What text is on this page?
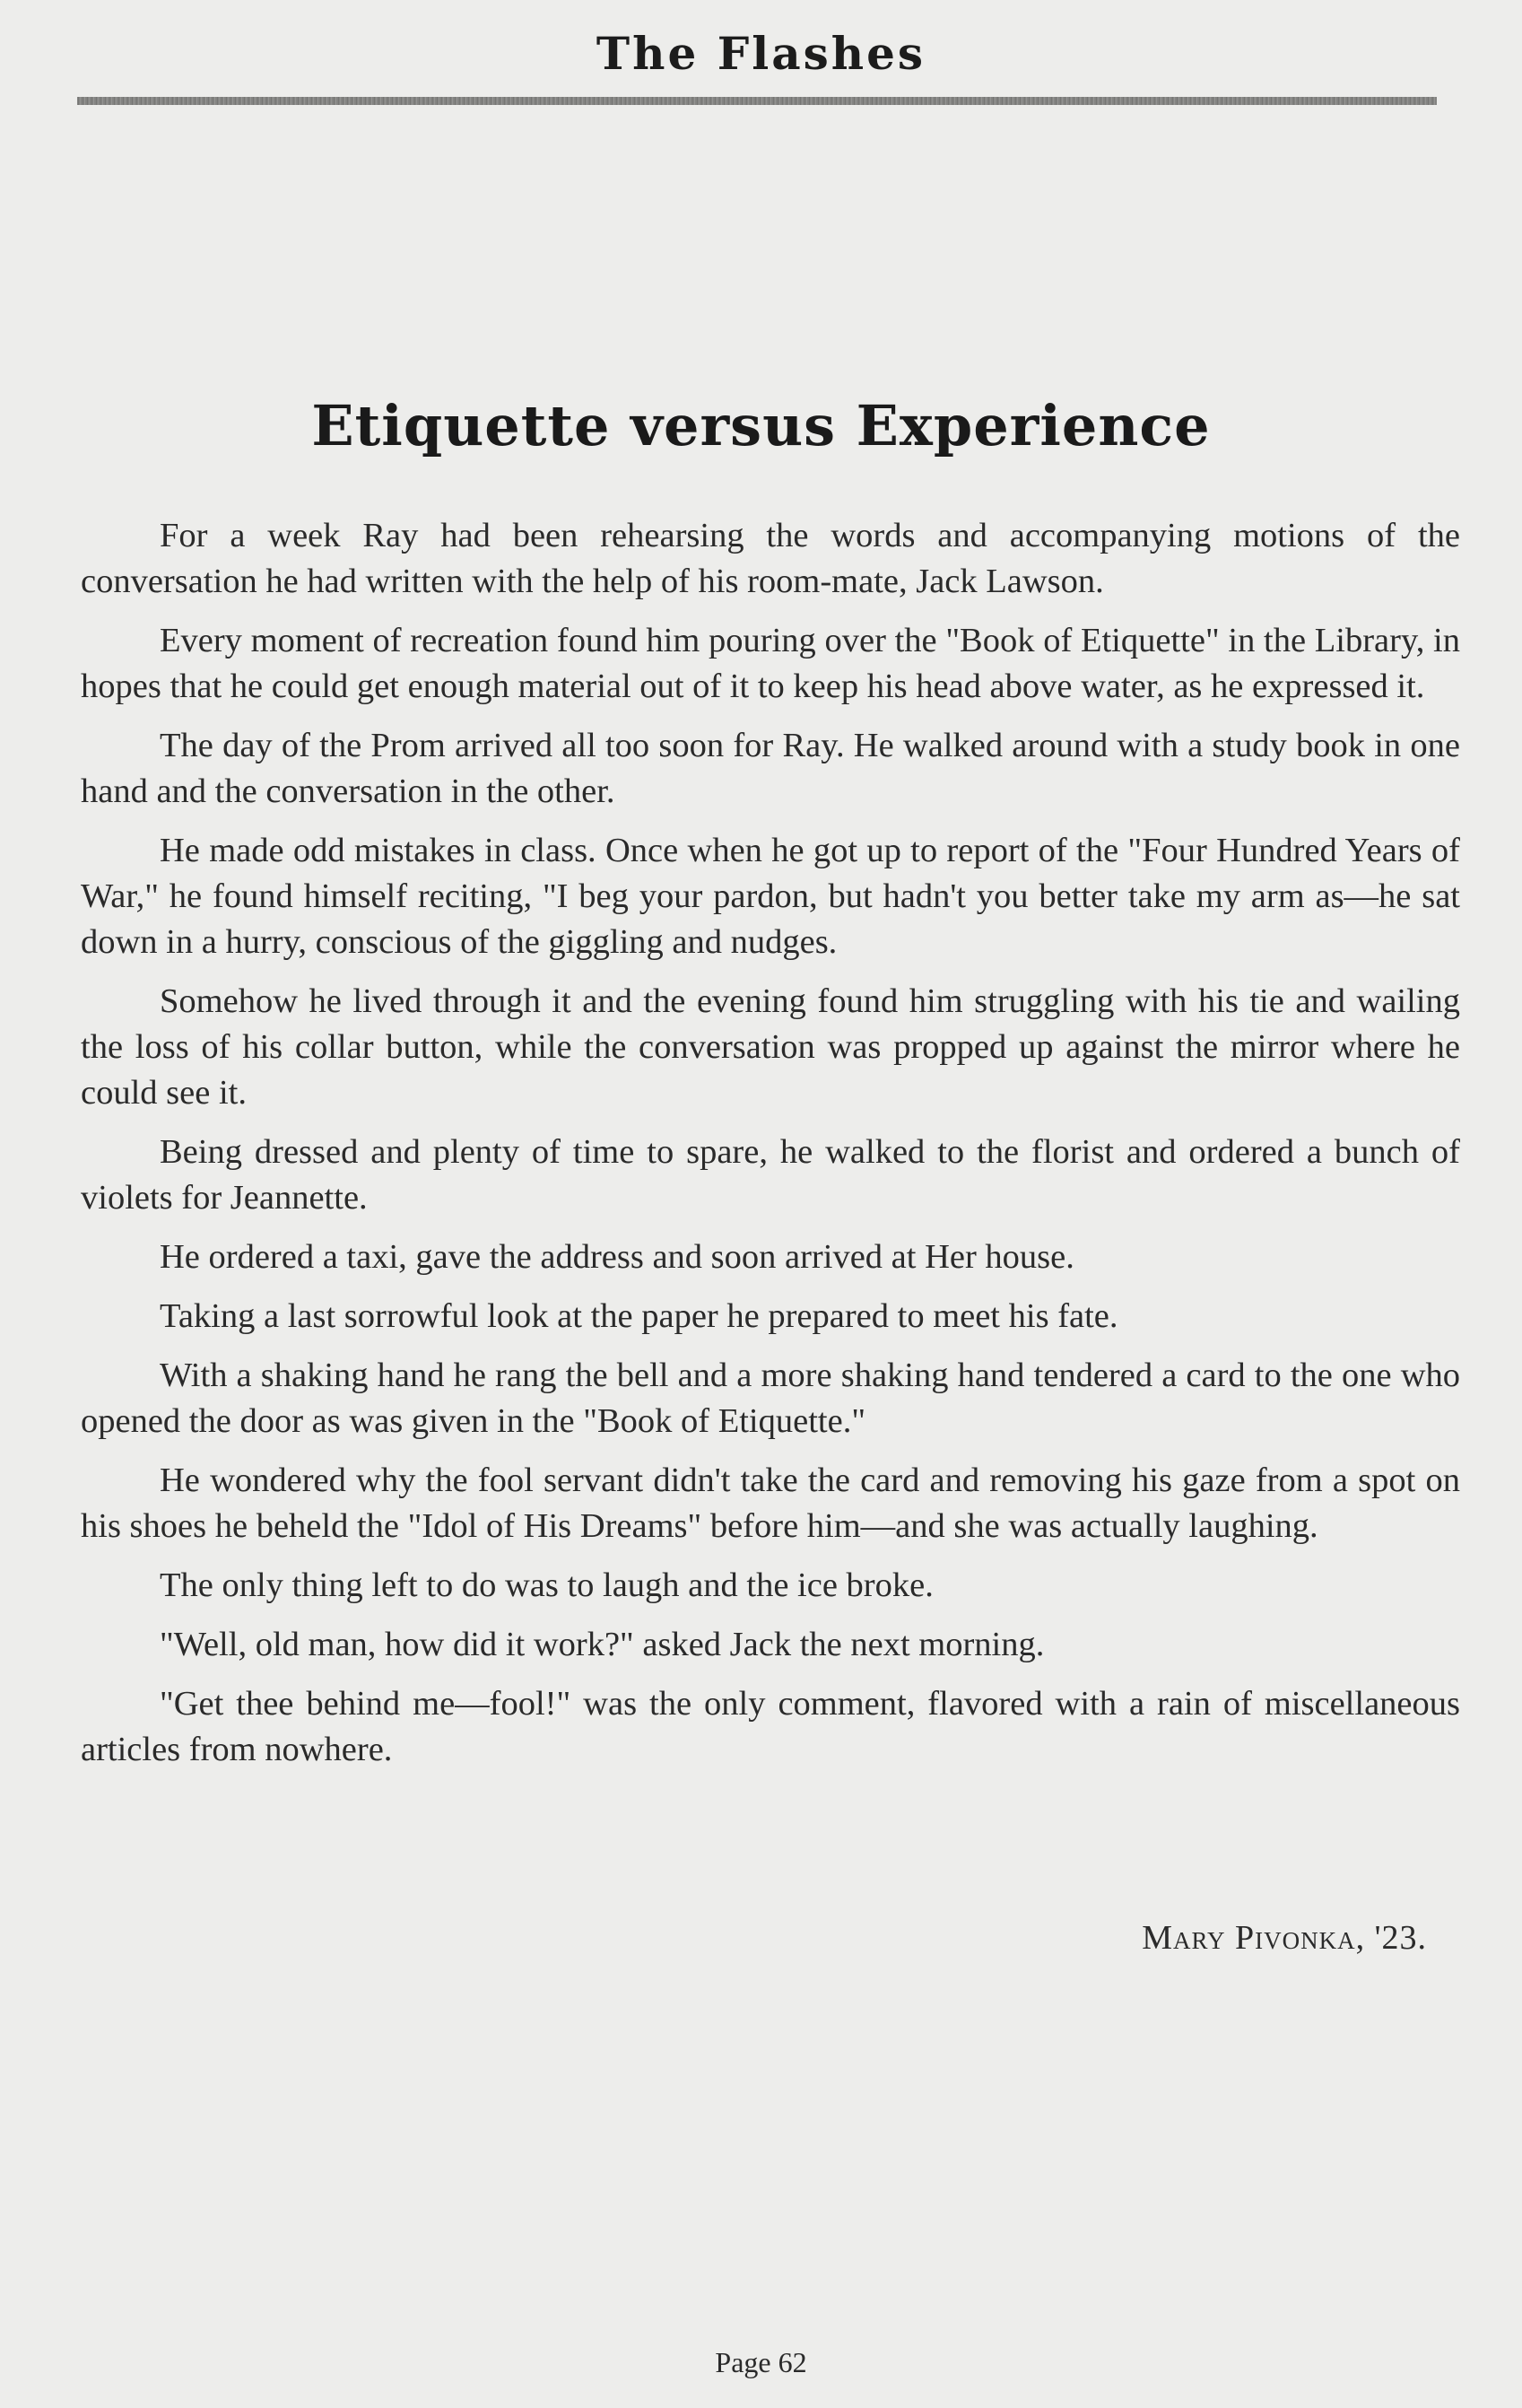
The Flashes
Etiquette versus Experience

For a week Ray had been rehearsing the words and accompanying motions of the conversation he had written with the help of his room-mate, Jack Lawson.

Every moment of recreation found him pouring over the "Book of Etiquette" in the Library, in hopes that he could get enough material out of it to keep his head above water, as he expressed it.

The day of the Prom arrived all too soon for Ray. He walked around with a study book in one hand and the conversation in the other.

He made odd mistakes in class. Once when he got up to report of the "Four Hundred Years of War," he found himself reciting, "I beg your pardon, but hadn't you better take my arm as—he sat down in a hurry, conscious of the giggling and nudges.

Somehow he lived through it and the evening found him struggling with his tie and wailing the loss of his collar button, while the conversation was propped up against the mirror where he could see it.

Being dressed and plenty of time to spare, he walked to the florist and ordered a bunch of violets for Jeannette.

He ordered a taxi, gave the address and soon arrived at Her house.

Taking a last sorrowful look at the paper he prepared to meet his fate.

With a shaking hand he rang the bell and a more shaking hand tendered a card to the one who opened the door as was given in the "Book of Etiquette."

He wondered why the fool servant didn't take the card and removing his gaze from a spot on his shoes he beheld the "Idol of His Dreams" before him—and she was actually laughing.

The only thing left to do was to laugh and the ice broke.

"Well, old man, how did it work?" asked Jack the next morning.

"Get thee behind me—fool!" was the only comment, flavored with a rain of miscellaneous articles from nowhere.

Mary Pivonka, '23.
Page 62
